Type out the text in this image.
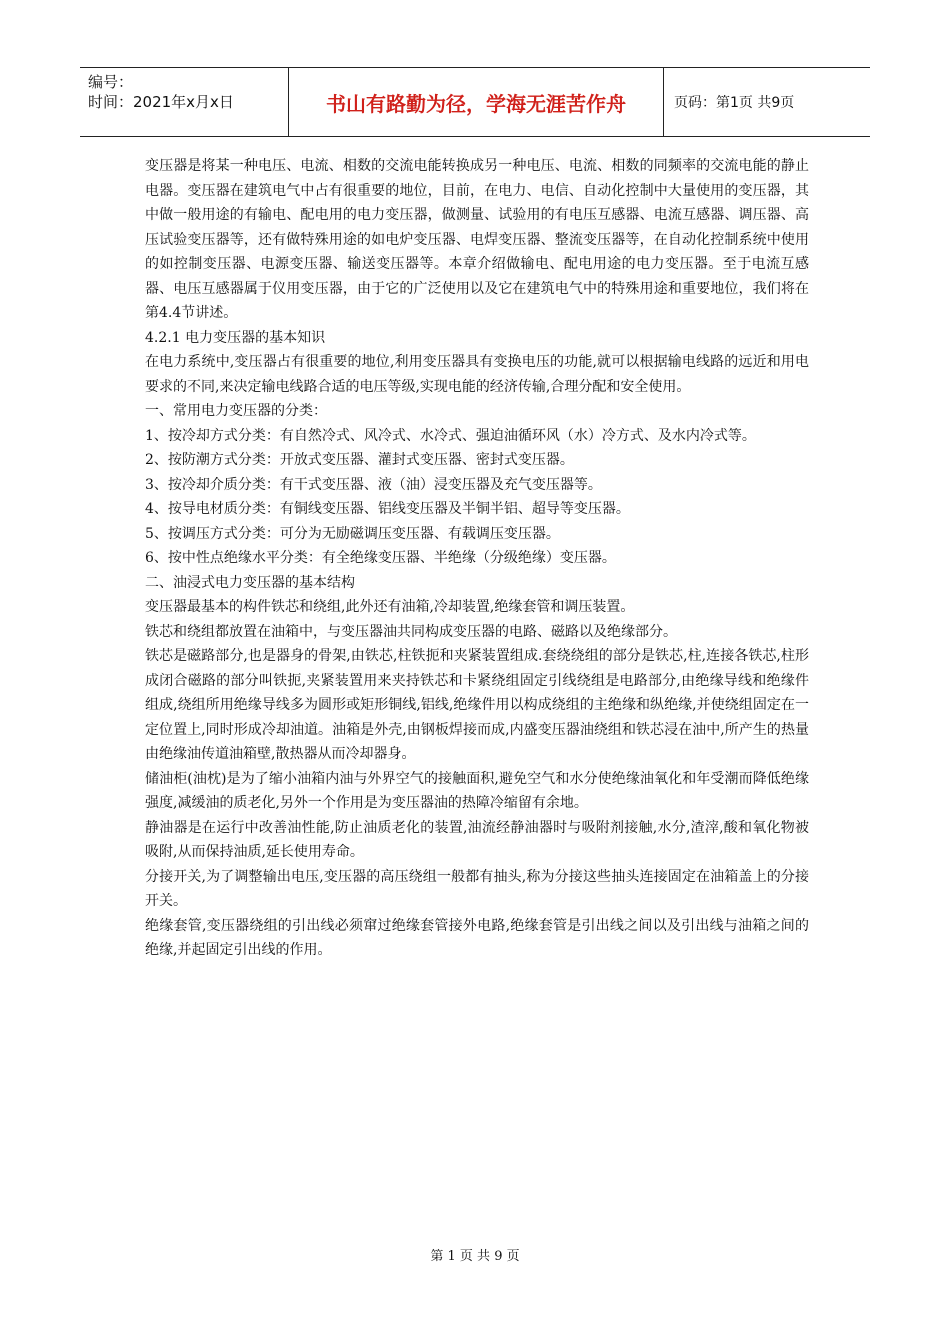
编号：
时间：2021年x月x日	书山有路勤为径，学海无涯苦作舟	页码：第1页 共9页

变压器是将某一种电压、电流、相数的交流电能转换成另一种电压、电流、相数的同频率的交流电能的静止电器。变压器在建筑电气中占有很重要的地位，目前，在电力、电信、自动化控制中大量使用的变压器，其中做一般用途的有输电、配电用的电力变压器，做测量、试验用的有电压互感器、电流互感器、调压器、高压试验变压器等，还有做特殊用途的如电炉变压器、电焊变压器、整流变压器等，在自动化控制系统中使用的如控制变压器、电源变压器、输送变压器等。本章介绍做输电、配电用途的电力变压器。至于电流互感器、电压互感器属于仪用变压器，由于它的广泛使用以及它在建筑电气中的特殊用途和重要地位，我们将在第4.4节讲述。

4.2.1 电力变压器的基本知识

在电力系统中,变压器占有很重要的地位,利用变压器具有变换电压的功能,就可以根据输电线路的远近和用电要求的不同,来决定输电线路合适的电压等级,实现电能的经济传输,合理分配和安全使用。

一、常用电力变压器的分类：

1、按冷却方式分类：有自然冷式、风冷式、水冷式、强迫油循环风（水）冷方式、及水内冷式等。

2、按防潮方式分类：开放式变压器、灌封式变压器、密封式变压器。

3、按冷却介质分类：有干式变压器、液（油）浸变压器及充气变压器等。

4、按导电材质分类：有铜线变压器、铝线变压器及半铜半铝、超导等变压器。

5、按调压方式分类：可分为无励磁调压变压器、有载调压变压器。

6、按中性点绝缘水平分类：有全绝缘变压器、半绝缘（分级绝缘）变压器。

二、油浸式电力变压器的基本结构

变压器最基本的构件铁芯和绕组,此外还有油箱,冷却装置,绝缘套管和调压装置。

铁芯和绕组都放置在油箱中，与变压器油共同构成变压器的电路、磁路以及绝缘部分。

铁芯是磁路部分,也是器身的骨架,由铁芯,柱铁扼和夹紧装置组成.套绕绕组的部分是铁芯,柱,连接各铁芯,柱形成闭合磁路的部分叫铁扼,夹紧装置用来夹持铁芯和卡紧绕组固定引线绕组是电路部分,由绝缘导线和绝缘件组成,绕组所用绝缘导线多为圆形或矩形铜线,铝线,绝缘件用以构成绕组的主绝缘和纵绝缘,并使绕组固定在一定位置上,同时形成冷却油道。油箱是外壳,由钢板焊接而成,内盛变压器油绕组和铁芯浸在油中,所产生的热量由绝缘油传道油箱壁,散热器从而冷却器身。

储油柜(油枕)是为了缩小油箱内油与外界空气的接触面积,避免空气和水分使绝缘油氧化和年受潮而降低绝缘强度,减缓油的质老化,另外一个作用是为变压器油的热障冷缩留有余地。

静油器是在运行中改善油性能,防止油质老化的装置,油流经静油器时与吸附剂接触,水分,渣滓,酸和氧化物被吸附,从而保持油质,延长使用寿命。

分接开关,为了调整输出电压,变压器的高压绕组一般都有抽头,称为分接这些抽头连接固定在油箱盖上的分接开关。

绝缘套管,变压器绕组的引出线必须窜过绝缘套管接外电路,绝缘套管是引出线之间以及引出线与油箱之间的绝缘,并起固定引出线的作用。

第 1 页 共 9 页
